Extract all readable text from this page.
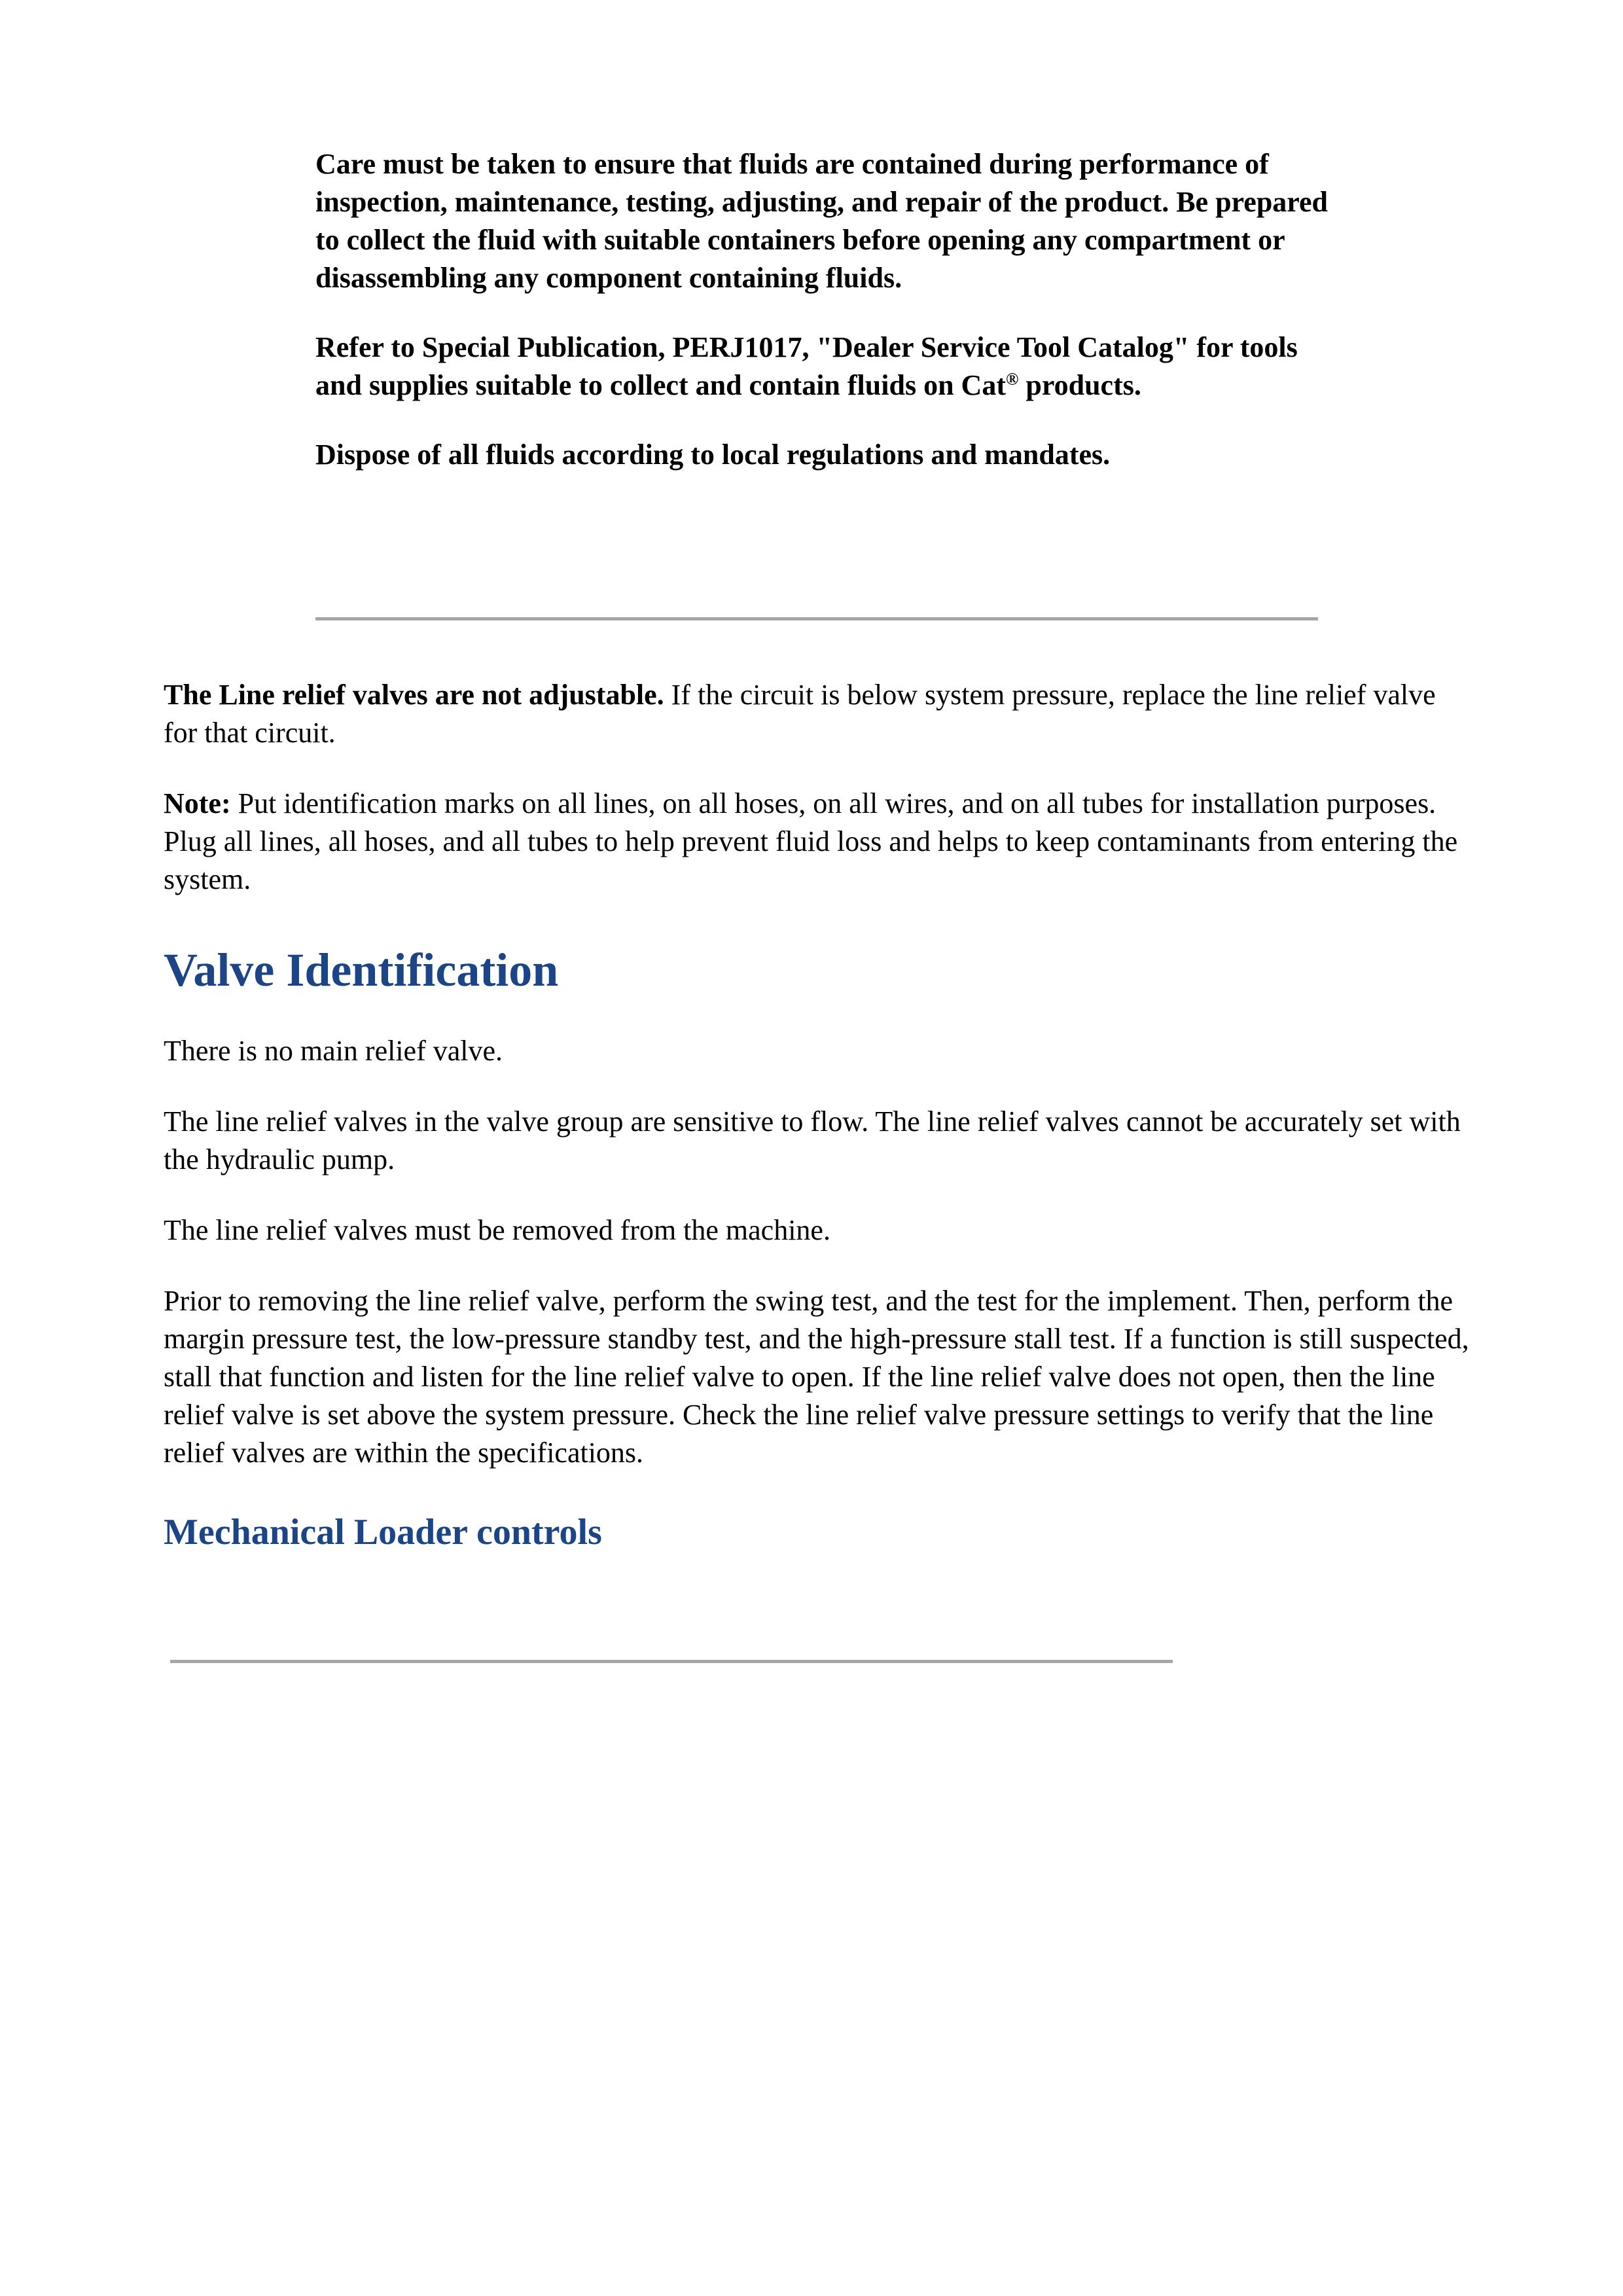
Care must be taken to ensure that fluids are contained during performance of inspection, maintenance, testing, adjusting, and repair of the product. Be prepared to collect the fluid with suitable containers before opening any compartment or disassembling any component containing fluids.

Refer to Special Publication, PERJ1017, "Dealer Service Tool Catalog" for tools and supplies suitable to collect and contain fluids on Cat® products.

Dispose of all fluids according to local regulations and mandates.

The Line relief valves are not adjustable. If the circuit is below system pressure, replace the line relief valve for that circuit.

Note: Put identification marks on all lines, on all hoses, on all wires, and on all tubes for installation purposes. Plug all lines, all hoses, and all tubes to help prevent fluid loss and helps to keep contaminants from entering the system.

Valve Identification

There is no main relief valve.

The line relief valves in the valve group are sensitive to flow. The line relief valves cannot be accurately set with the hydraulic pump.

The line relief valves must be removed from the machine.

Prior to removing the line relief valve, perform the swing test, and the test for the implement. Then, perform the margin pressure test, the low-pressure standby test, and the high-pressure stall test. If a function is still suspected, stall that function and listen for the line relief valve to open. If the line relief valve does not open, then the line relief valve is set above the system pressure. Check the line relief valve pressure settings to verify that the line relief valves are within the specifications.

Mechanical Loader controls
